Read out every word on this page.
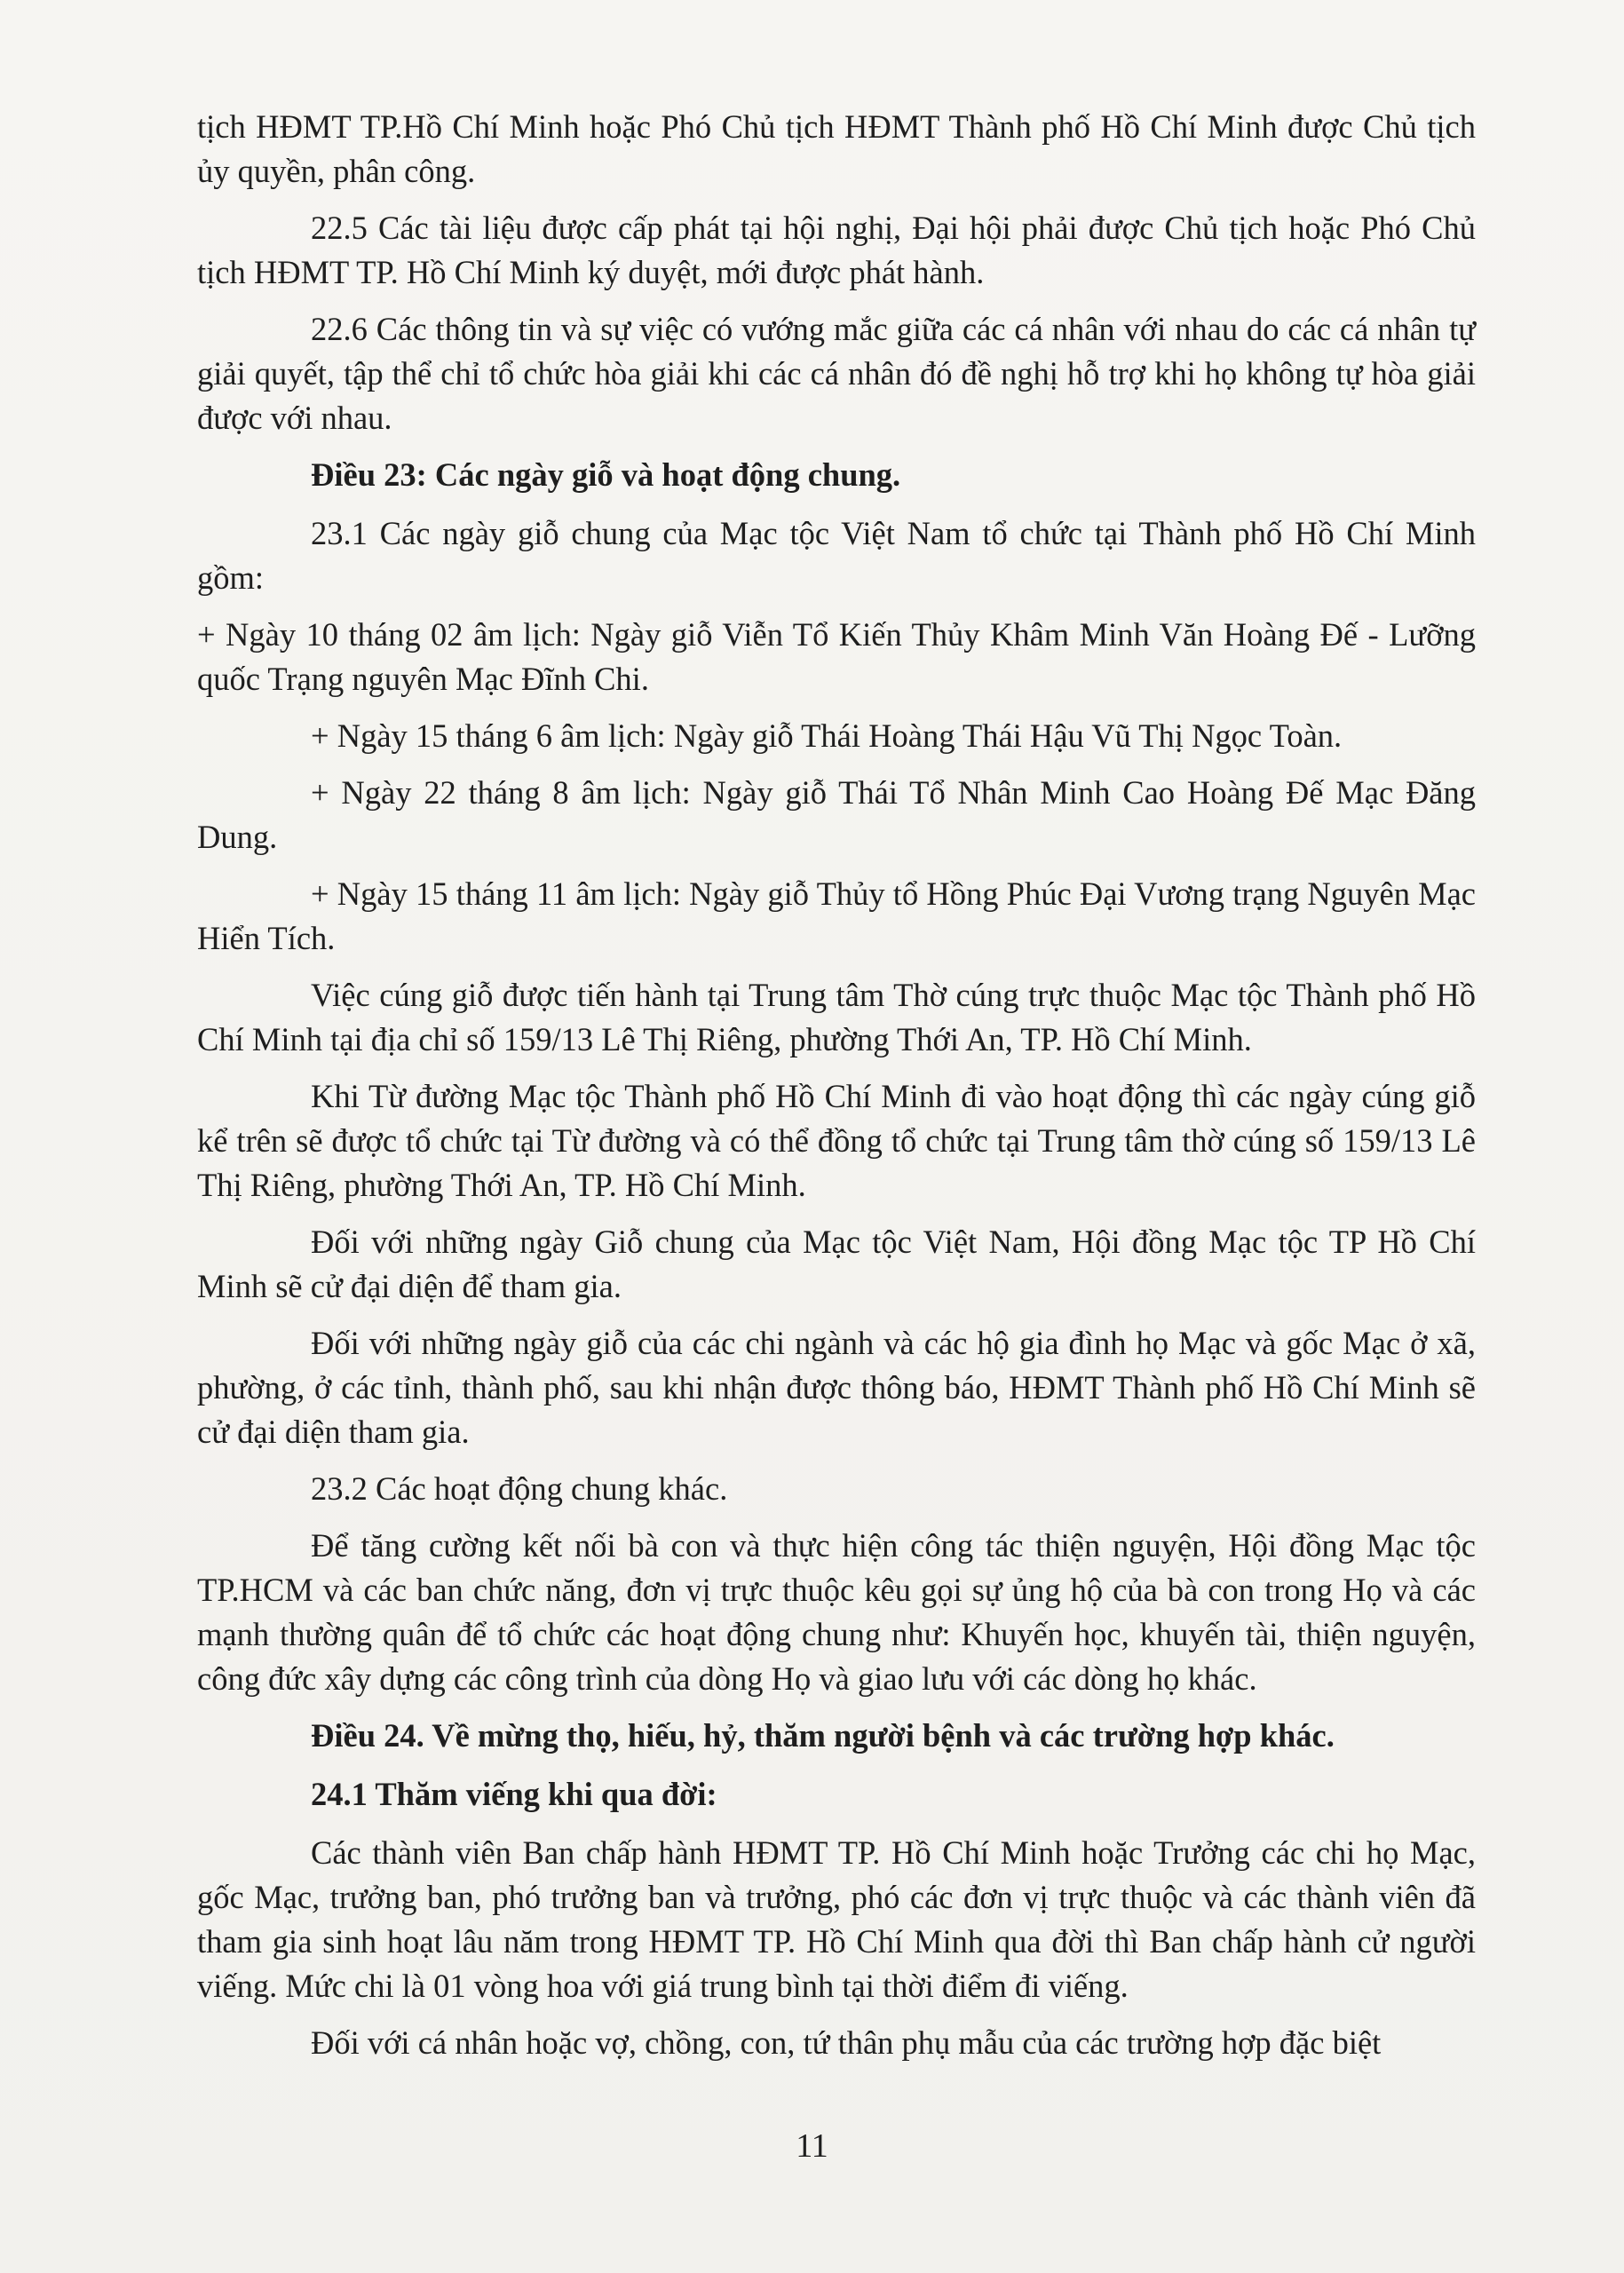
tịch HĐMT TP.Hồ Chí Minh hoặc Phó Chủ tịch HĐMT Thành phố Hồ Chí Minh được Chủ tịch ủy quyền, phân công.

22.5 Các tài liệu được cấp phát tại hội nghị, Đại hội phải được Chủ tịch hoặc Phó Chủ tịch HĐMT TP. Hồ Chí Minh ký duyệt, mới được phát hành.

22.6 Các thông tin và sự việc có vướng mắc giữa các cá nhân với nhau do các cá nhân tự giải quyết, tập thể chỉ tổ chức hòa giải khi các cá nhân đó đề nghị hỗ trợ khi họ không tự hòa giải được với nhau.

Điều 23: Các ngày giỗ và hoạt động chung.

23.1 Các ngày giỗ chung của Mạc tộc Việt Nam tổ chức tại Thành phố Hồ Chí Minh gồm:

+ Ngày 10 tháng 02 âm lịch: Ngày giỗ Viễn Tổ Kiến Thủy Khâm Minh Văn Hoàng Đế - Lưỡng quốc Trạng nguyên Mạc Đĩnh Chi.

+ Ngày 15 tháng 6 âm lịch: Ngày giỗ Thái Hoàng Thái Hậu Vũ Thị Ngọc Toàn.

+ Ngày 22 tháng 8 âm lịch: Ngày giỗ Thái Tổ Nhân Minh Cao Hoàng Đế Mạc Đăng Dung.

+ Ngày 15 tháng 11 âm lịch: Ngày giỗ Thủy tổ Hồng Phúc Đại Vương trạng Nguyên Mạc Hiển Tích.

Việc cúng giỗ được tiến hành tại Trung tâm Thờ cúng trực thuộc Mạc tộc Thành phố Hồ Chí Minh tại địa chỉ số 159/13 Lê Thị Riêng, phường Thới An, TP. Hồ Chí Minh.

Khi Từ đường Mạc tộc Thành phố Hồ Chí Minh đi vào hoạt động thì các ngày cúng giỗ kể trên sẽ được tổ chức tại Từ đường và có thể đồng tổ chức tại Trung tâm thờ cúng số 159/13 Lê Thị Riêng, phường Thới An, TP. Hồ Chí Minh.

Đối với những ngày Giỗ chung của Mạc tộc Việt Nam, Hội đồng Mạc tộc TP Hồ Chí Minh sẽ cử đại diện để tham gia.

Đối với những ngày giỗ của các chi ngành và các hộ gia đình họ Mạc và gốc Mạc ở xã, phường, ở các tỉnh, thành phố, sau khi nhận được thông báo, HĐMT Thành phố Hồ Chí Minh sẽ cử đại diện tham gia.

23.2 Các hoạt động chung khác.

Để tăng cường kết nối bà con và thực hiện công tác thiện nguyện, Hội đồng Mạc tộc TP.HCM và các ban chức năng, đơn vị trực thuộc kêu gọi sự ủng hộ của bà con trong Họ và các mạnh thường quân để tổ chức các hoạt động chung như: Khuyến học, khuyến tài, thiện nguyện, công đức xây dựng các công trình của dòng Họ và giao lưu với các dòng họ khác.

Điều 24. Về mừng thọ, hiếu, hỷ, thăm người bệnh và các trường hợp khác.

24.1 Thăm viếng khi qua đời:

Các thành viên Ban chấp hành HĐMT TP. Hồ Chí Minh hoặc Trưởng các chi họ Mạc, gốc Mạc, trưởng ban, phó trưởng ban và trưởng, phó các đơn vị trực thuộc và các thành viên đã tham gia sinh hoạt lâu năm trong HĐMT TP. Hồ Chí Minh qua đời thì Ban chấp hành cử người viếng. Mức chi là 01 vòng hoa với giá trung bình tại thời điểm đi viếng.

Đối với cá nhân hoặc vợ, chồng, con, tứ thân phụ mẫu của các trường hợp đặc biệt

11
